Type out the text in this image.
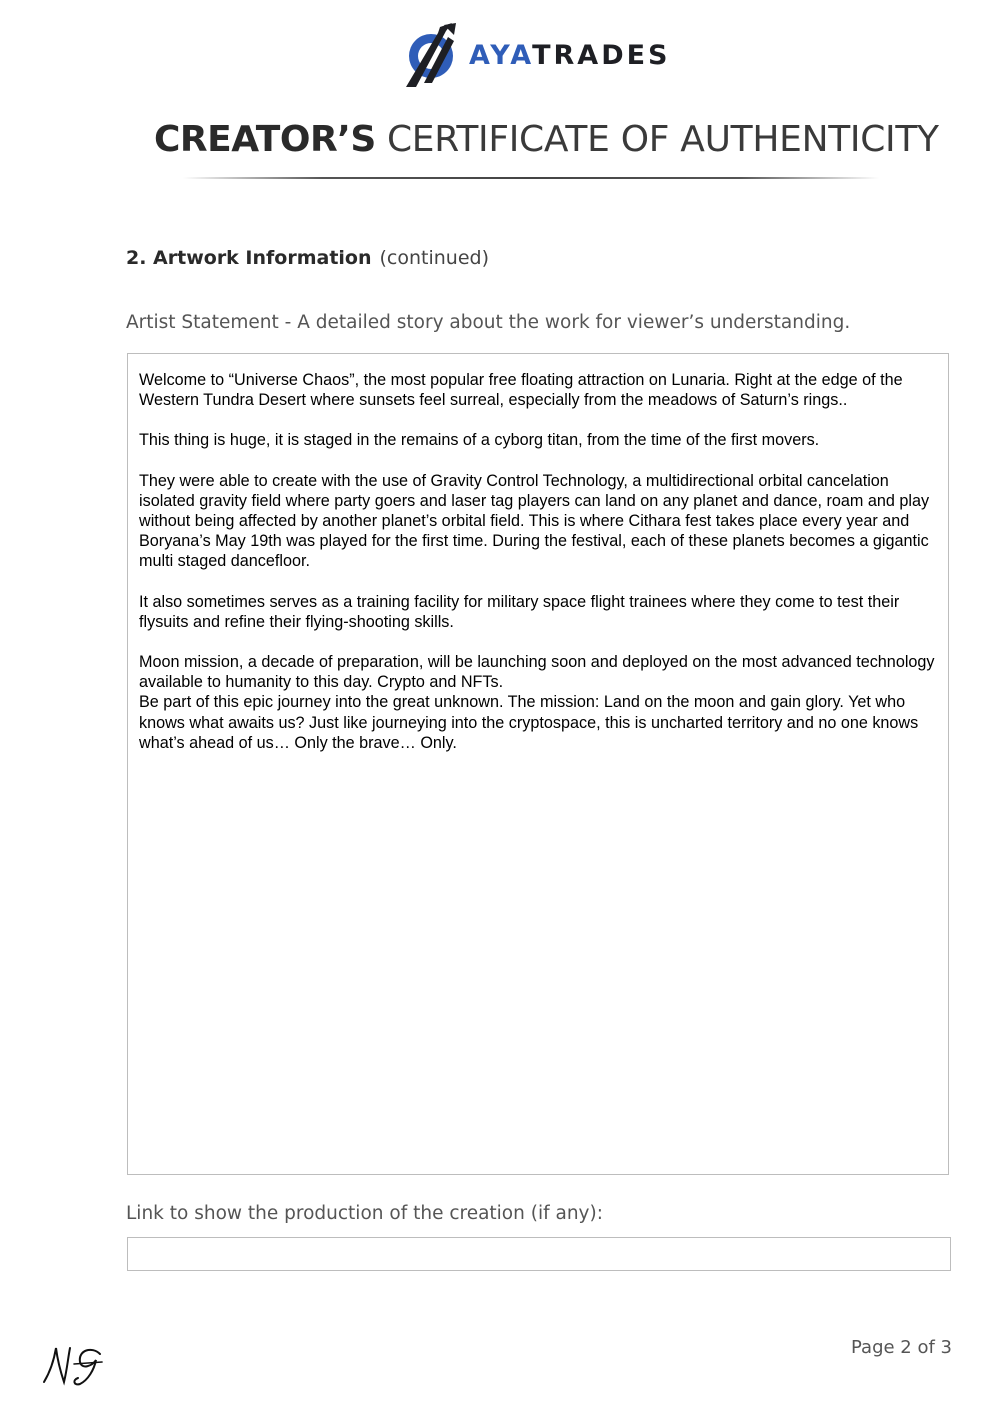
AYATRADES
CREATOR’S CERTIFICATE OF AUTHENTICITY
2. Artwork Information (continued)
Artist Statement - A detailed story about the work for viewer’s understanding.

Welcome to “Universe Chaos”, the most popular free floating attraction on Lunaria. Right at the edge of the Western Tundra Desert where sunsets feel surreal, especially from the meadows of Saturn’s rings..

This thing is huge, it is staged in the remains of a cyborg titan, from the time of the first movers.

They were able to create with the use of Gravity Control Technology, a multidirectional orbital cancelation isolated gravity field where party goers and laser tag players can land on any planet and dance, roam and play without being affected by another planet’s orbital field. This is where Cithara fest takes place every year and Boryana’s May 19th was played for the first time. During the festival, each of these planets becomes a gigantic multi staged dancefloor.

It also sometimes serves as a training facility for military space flight trainees where they come to test their flysuits and refine their flying-shooting skills.

Moon mission, a decade of preparation, will be launching soon and deployed on the most advanced technology available to humanity to this day. Crypto and NFTs.

Be part of this epic journey into the great unknown. The mission: Land on the moon and gain glory. Yet who knows what awaits us? Just like journeying into the cryptospace, this is uncharted territory and no one knows what’s ahead of us… Only the brave… Only.

Link to show the production of the creation (if any):
Page 2 of 3
